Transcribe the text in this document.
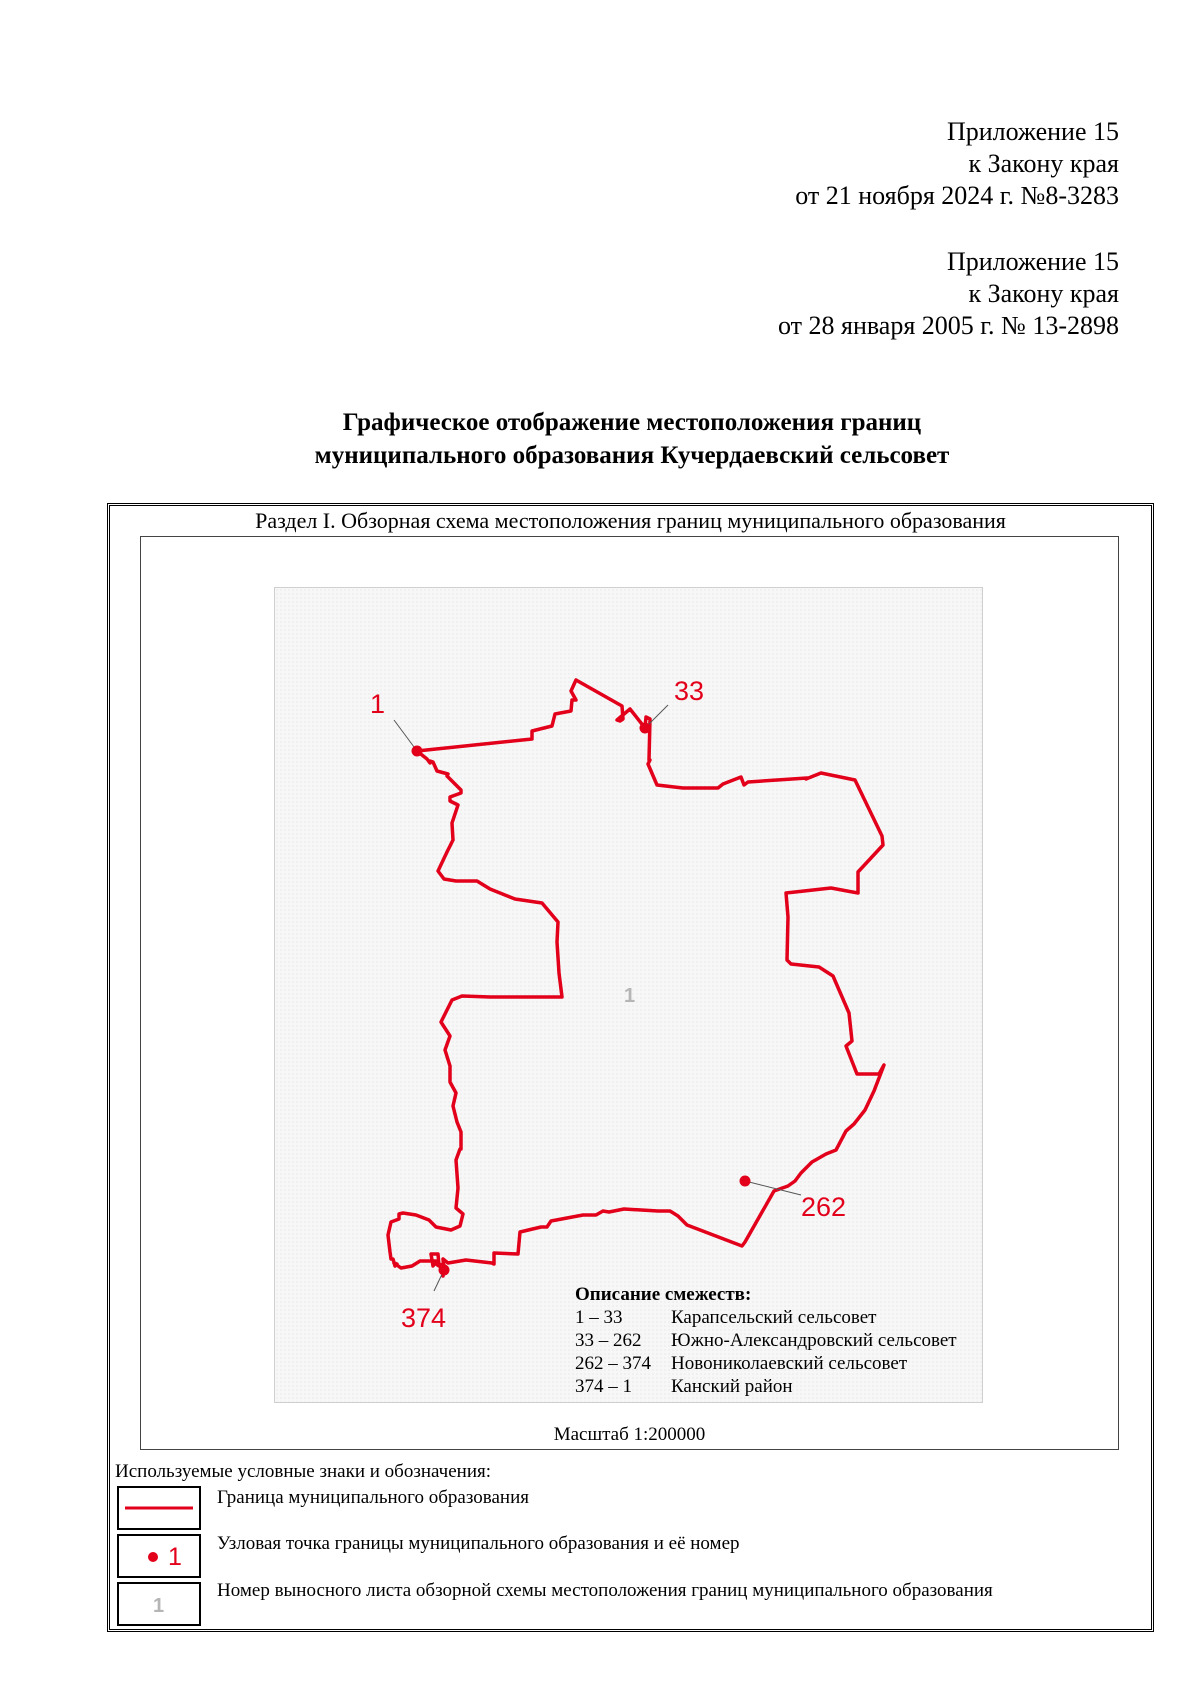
Приложение 15
к Закону края
от 21 ноября 2024 г. №8-3283
Приложение 15
к Закону края
от 28 января 2005 г. № 13-2898
Графическое отображение местоположения границ
муниципального образования Кучердаевский сельсовет
Раздел I. Обзорная схема местоположения границ муниципального образования
1	33
262
374
1
Описание смежеств:
1 – 33	Карапсельский сельсовет
33 – 262	Южно-Александровский сельсовет
262 – 374	Новониколаевский сельсовет
374 – 1	Канский район
Масштаб 1:200000
Используемые условные знаки и обозначения:
Граница муниципального образования
1 Узловая точка границы муниципального образования и её номер
1
Номер выносного листа обзорной схемы местоположения границ муниципального образования
